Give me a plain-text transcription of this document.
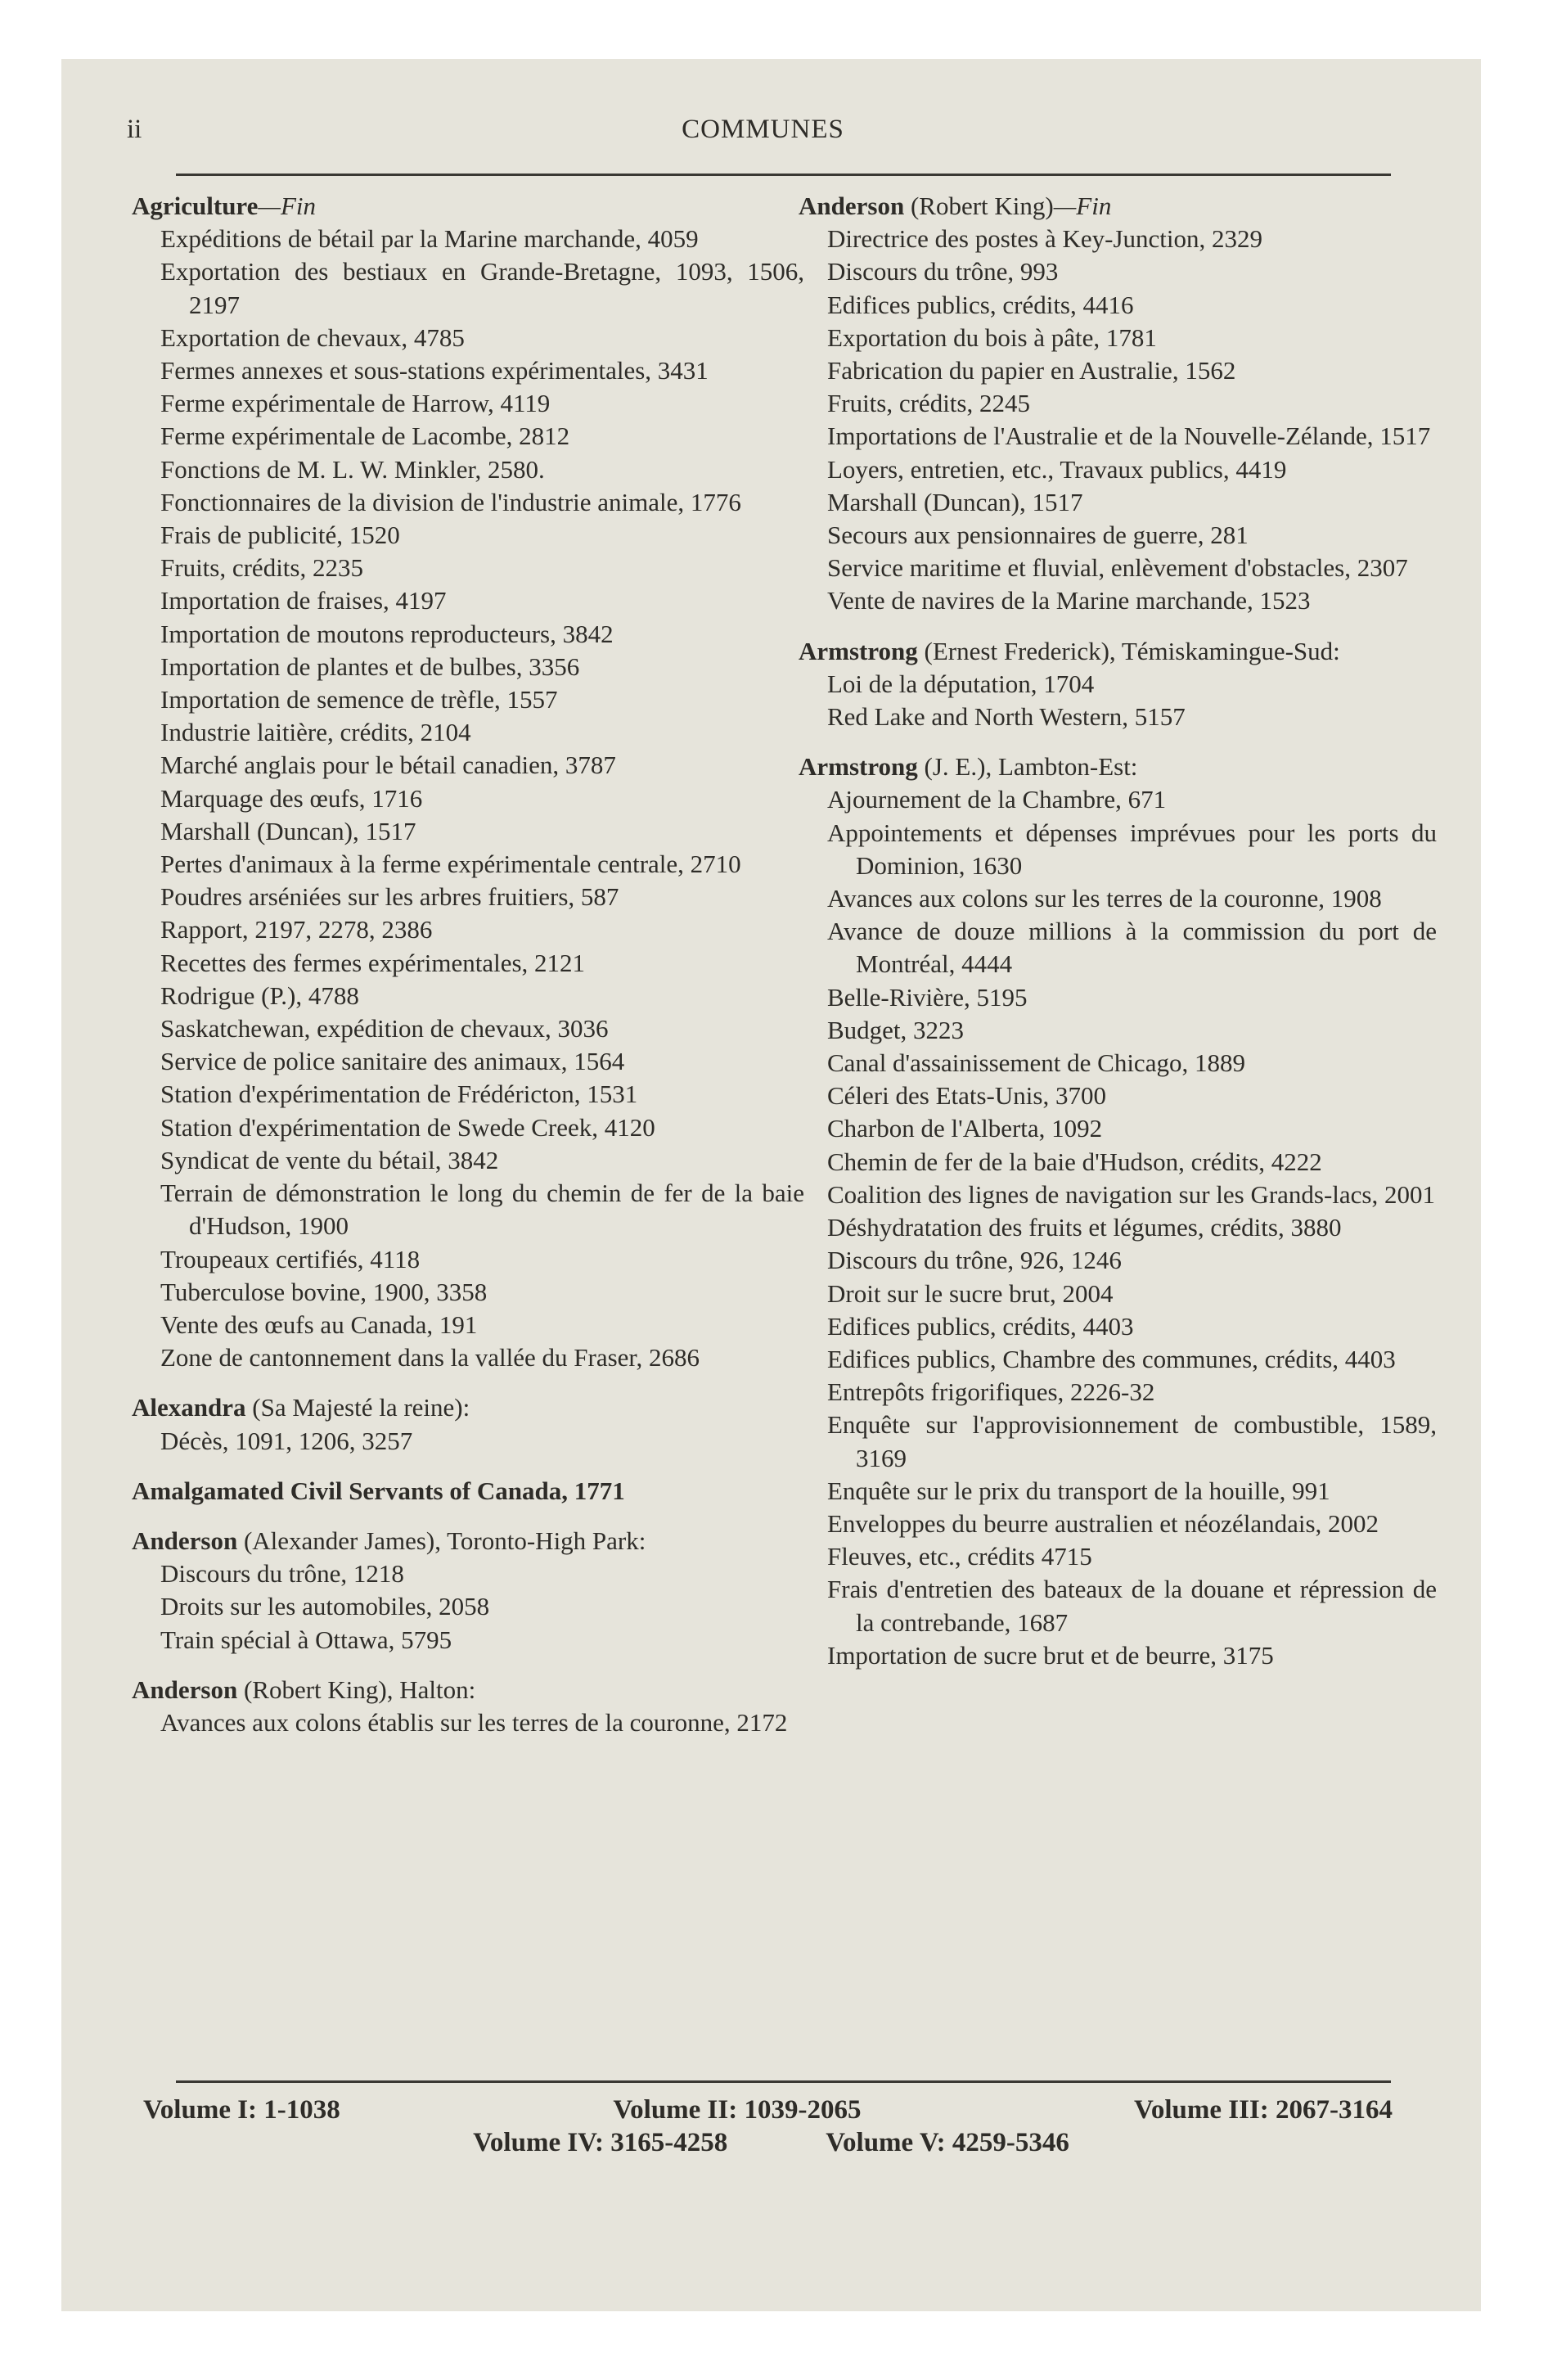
ii	COMMUNES

Agriculture—Fin

Expéditions de bétail par la Marine marchande, 4059

Exportation des bestiaux en Grande-Bretagne, 1093, 1506, 2197

Exportation de chevaux, 4785

Fermes annexes et sous-stations expérimentales, 3431

Ferme expérimentale de Harrow, 4119

Ferme expérimentale de Lacombe, 2812

Fonctions de M. L. W. Minkler, 2580.

Fonctionnaires de la division de l'industrie animale, 1776

Frais de publicité, 1520

Fruits, crédits, 2235

Importation de fraises, 4197

Importation de moutons reproducteurs, 3842

Importation de plantes et de bulbes, 3356

Importation de semence de trèfle, 1557

Industrie laitière, crédits, 2104

Marché anglais pour le bétail canadien, 3787

Marquage des œufs, 1716

Marshall (Duncan), 1517

Pertes d'animaux à la ferme expérimentale centrale, 2710

Poudres arséniées sur les arbres fruitiers, 587

Rapport, 2197, 2278, 2386

Recettes des fermes expérimentales, 2121

Rodrigue (P.), 4788

Saskatchewan, expédition de chevaux, 3036

Service de police sanitaire des animaux, 1564

Station d'expérimentation de Frédéricton, 1531

Station d'expérimentation de Swede Creek, 4120

Syndicat de vente du bétail, 3842

Terrain de démonstration le long du chemin de fer de la baie d'Hudson, 1900

Troupeaux certifiés, 4118

Tuberculose bovine, 1900, 3358

Vente des œufs au Canada, 191

Zone de cantonnement dans la vallée du Fraser, 2686

Alexandra (Sa Majesté la reine):

Décès, 1091, 1206, 3257

Amalgamated Civil Servants of Canada, 1771

Anderson (Alexander James), Toronto-High Park:

Discours du trône, 1218

Droits sur les automobiles, 2058

Train spécial à Ottawa, 5795

Anderson (Robert King), Halton:

Avances aux colons établis sur les terres de la couronne, 2172

Anderson (Robert King)—Fin

Directrice des postes à Key-Junction, 2329

Discours du trône, 993

Edifices publics, crédits, 4416

Exportation du bois à pâte, 1781

Fabrication du papier en Australie, 1562

Fruits, crédits, 2245

Importations de l'Australie et de la Nouvelle-Zélande, 1517

Loyers, entretien, etc., Travaux publics, 4419

Marshall (Duncan), 1517

Secours aux pensionnaires de guerre, 281

Service maritime et fluvial, enlèvement d'obstacles, 2307

Vente de navires de la Marine marchande, 1523

Armstrong (Ernest Frederick), Témiskamingue-Sud:

Loi de la députation, 1704

Red Lake and North Western, 5157

Armstrong (J. E.), Lambton-Est:

Ajournement de la Chambre, 671

Appointements et dépenses imprévues pour les ports du Dominion, 1630

Avances aux colons sur les terres de la couronne, 1908

Avance de douze millions à la commission du port de Montréal, 4444

Belle-Rivière, 5195

Budget, 3223

Canal d'assainissement de Chicago, 1889

Céleri des Etats-Unis, 3700

Charbon de l'Alberta, 1092

Chemin de fer de la baie d'Hudson, crédits, 4222

Coalition des lignes de navigation sur les Grands-lacs, 2001

Déshydratation des fruits et légumes, crédits, 3880

Discours du trône, 926, 1246

Droit sur le sucre brut, 2004

Edifices publics, crédits, 4403

Edifices publics, Chambre des communes, crédits, 4403

Entrepôts frigorifiques, 2226-32

Enquête sur l'approvisionnement de combustible, 1589, 3169

Enquête sur le prix du transport de la houille, 991

Enveloppes du beurre australien et néozélandais, 2002

Fleuves, etc., crédits 4715

Frais d'entretien des bateaux de la douane et répression de la contrebande, 1687

Importation de sucre brut et de beurre, 3175

Volume I: 1-1038	Volume II: 1039-2065	Volume III: 2067-3164
Volume IV: 3165-4258	Volume V: 4259-5346
